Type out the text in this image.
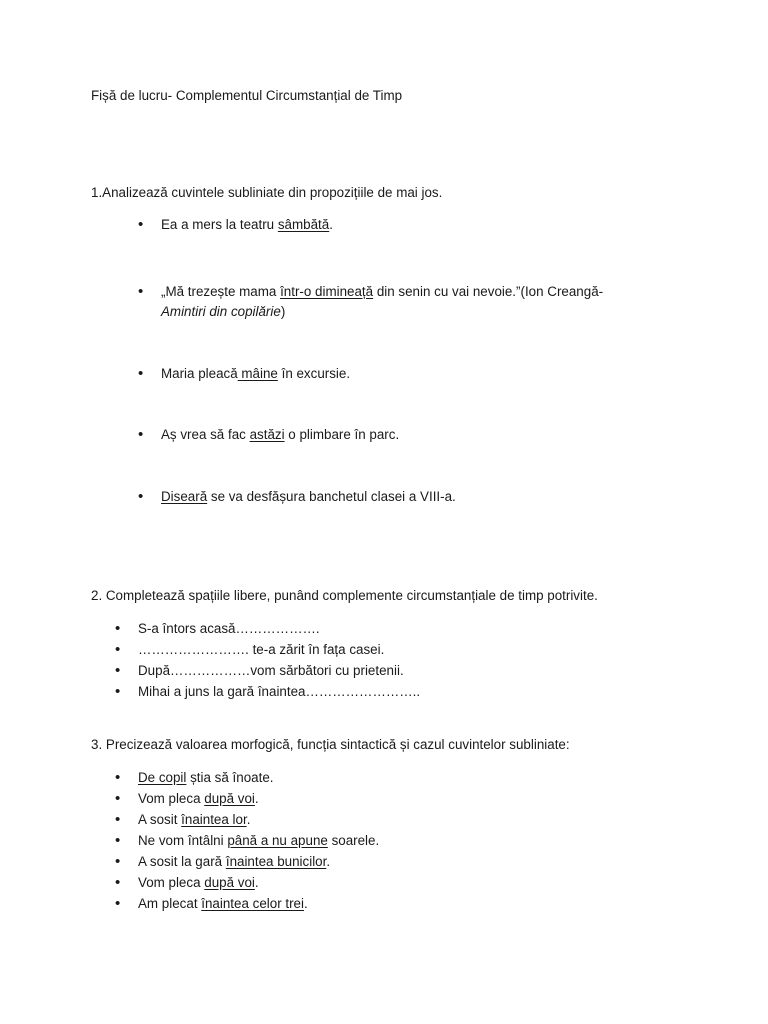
Fișă de lucru- Complementul Circumstanțial de Timp
1.Analizează cuvintele subliniate din propozițiile de mai jos.
• Ea a mers la teatru sâmbătă.
• „Mă trezește mama într-o dimineață din senin cu vai nevoie.”(Ion Creangă-
Amintiri din copilărie)
• Maria pleacă mâine în excursie.
• Aș vrea să fac astăzi o plimbare în parc.
• Diseară se va desfășura banchetul clasei a VIII-a.
2. Completează spațiile libere, punând complemente circumstanțiale de timp potrivite.
• S-a întors acasă……………….
• ……………………. te-a zărit în fața casei.
• După………………vom sărbători cu prietenii.
• Mihai a juns la gară înaintea……………………..
3. Precizează valoarea morfogică, funcția sintactică și cazul cuvintelor subliniate:
• De copil știa să înoate.
• Vom pleca după voi.
• A sosit înaintea lor.
• Ne vom întâlni până a nu apune soarele.
• A sosit la gară înaintea bunicilor.
• Vom pleca după voi.
• Am plecat înaintea celor trei.
